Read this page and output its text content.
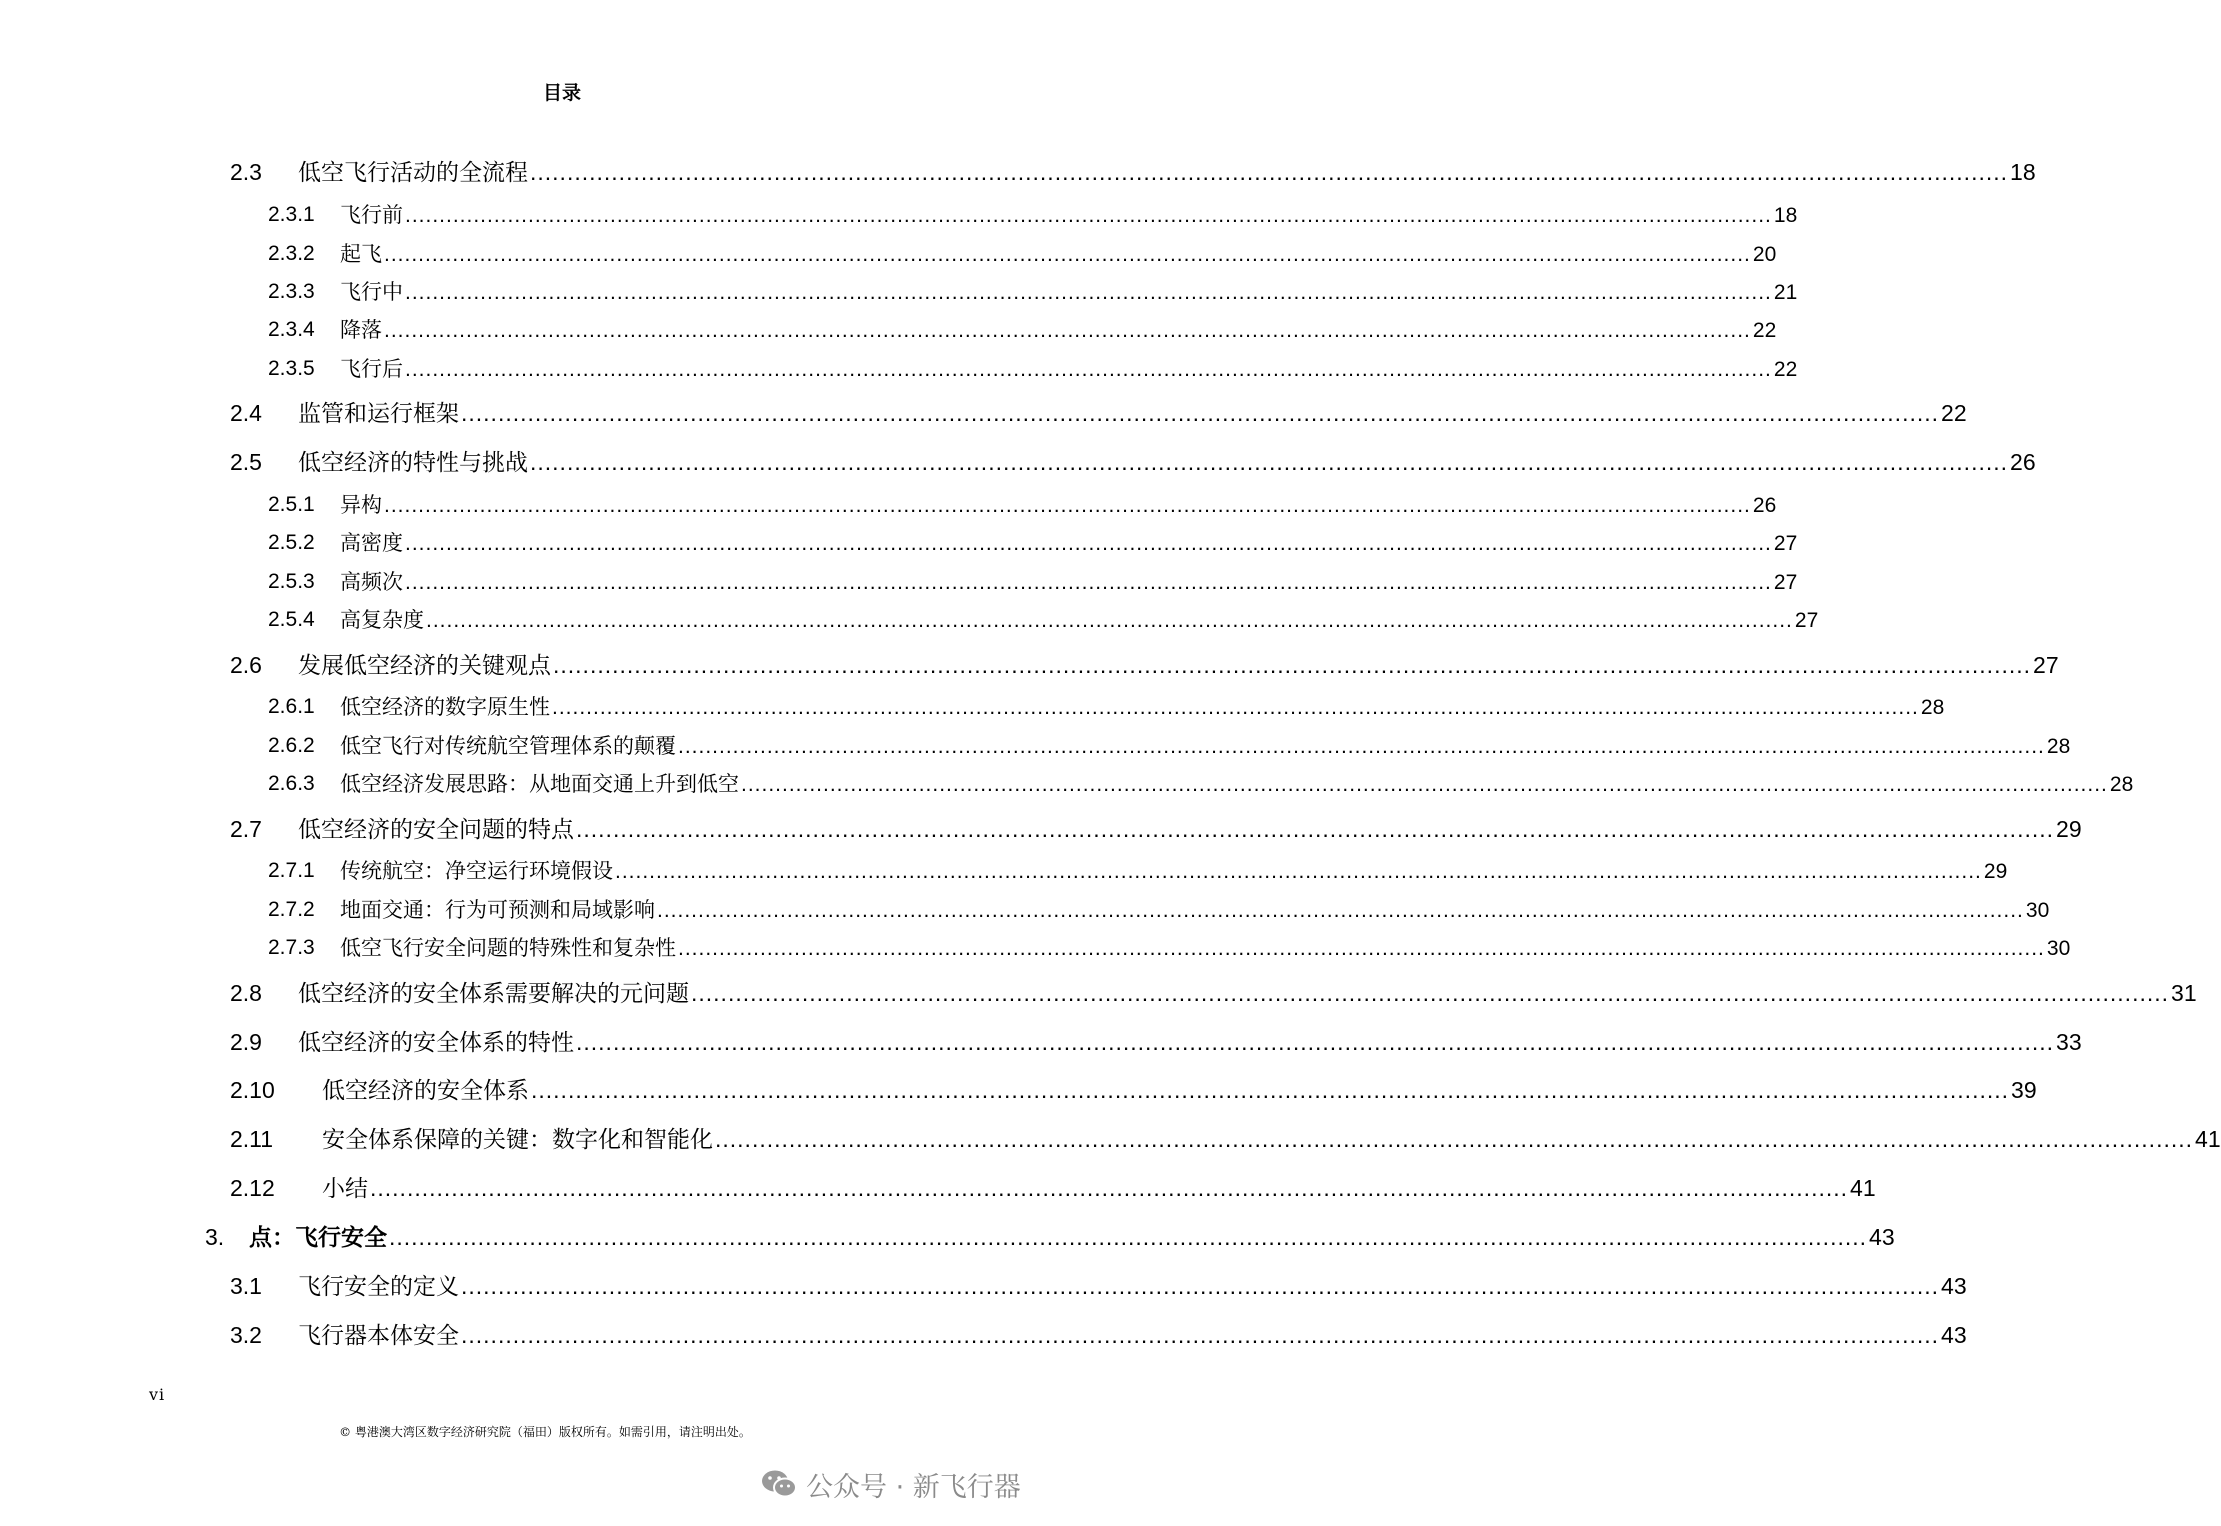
目录
2.3 低空飞行活动的全流程 ........................................................................................................................................................................................................ 18
2.3.1 飞行前 ........................................................................................................................................................................................................ 18
2.3.2 起飞 ........................................................................................................................................................................................................ 20
2.3.3 飞行中 ........................................................................................................................................................................................................ 21
2.3.4 降落 ........................................................................................................................................................................................................ 22
2.3.5 飞行后 ........................................................................................................................................................................................................ 22
2.4 监管和运行框架 ........................................................................................................................................................................................................ 22
2.5 低空经济的特性与挑战 ........................................................................................................................................................................................................ 26
2.5.1 异构 ........................................................................................................................................................................................................ 26
2.5.2 高密度 ........................................................................................................................................................................................................ 27
2.5.3 高频次 ........................................................................................................................................................................................................ 27
2.5.4 高复杂度 ........................................................................................................................................................................................................ 27
2.6 发展低空经济的关键观点 ........................................................................................................................................................................................................ 27
2.6.1 低空经济的数字原生性 ........................................................................................................................................................................................................ 28
2.6.2 低空飞行对传统航空管理体系的颠覆 ........................................................................................................................................................................................................ 28
2.6.3 低空经济发展思路：从地面交通上升到低空 ........................................................................................................................................................................................................ 28
2.7 低空经济的安全问题的特点 ........................................................................................................................................................................................................ 29
2.7.1 传统航空：净空运行环境假设 ........................................................................................................................................................................................................ 29
2.7.2 地面交通：行为可预测和局域影响 ........................................................................................................................................................................................................ 30
2.7.3 低空飞行安全问题的特殊性和复杂性 ........................................................................................................................................................................................................ 30
2.8 低空经济的安全体系需要解决的元问题 ........................................................................................................................................................................................................ 31
2.9 低空经济的安全体系的特性 ........................................................................................................................................................................................................ 33
2.10 低空经济的安全体系 ........................................................................................................................................................................................................ 39
2.11 安全体系保障的关键：数字化和智能化 ........................................................................................................................................................................................................ 41
2.12 小结 ........................................................................................................................................................................................................ 41
3. 点：飞行安全 ........................................................................................................................................................................................................ 43
3.1 飞行安全的定义 ........................................................................................................................................................................................................ 43
3.2 飞行器本体安全 ........................................................................................................................................................................................................ 43
vi
© 粤港澳大湾区数字经济研究院（福田）版权所有。如需引用，请注明出处。
公众号 · 新飞行器
